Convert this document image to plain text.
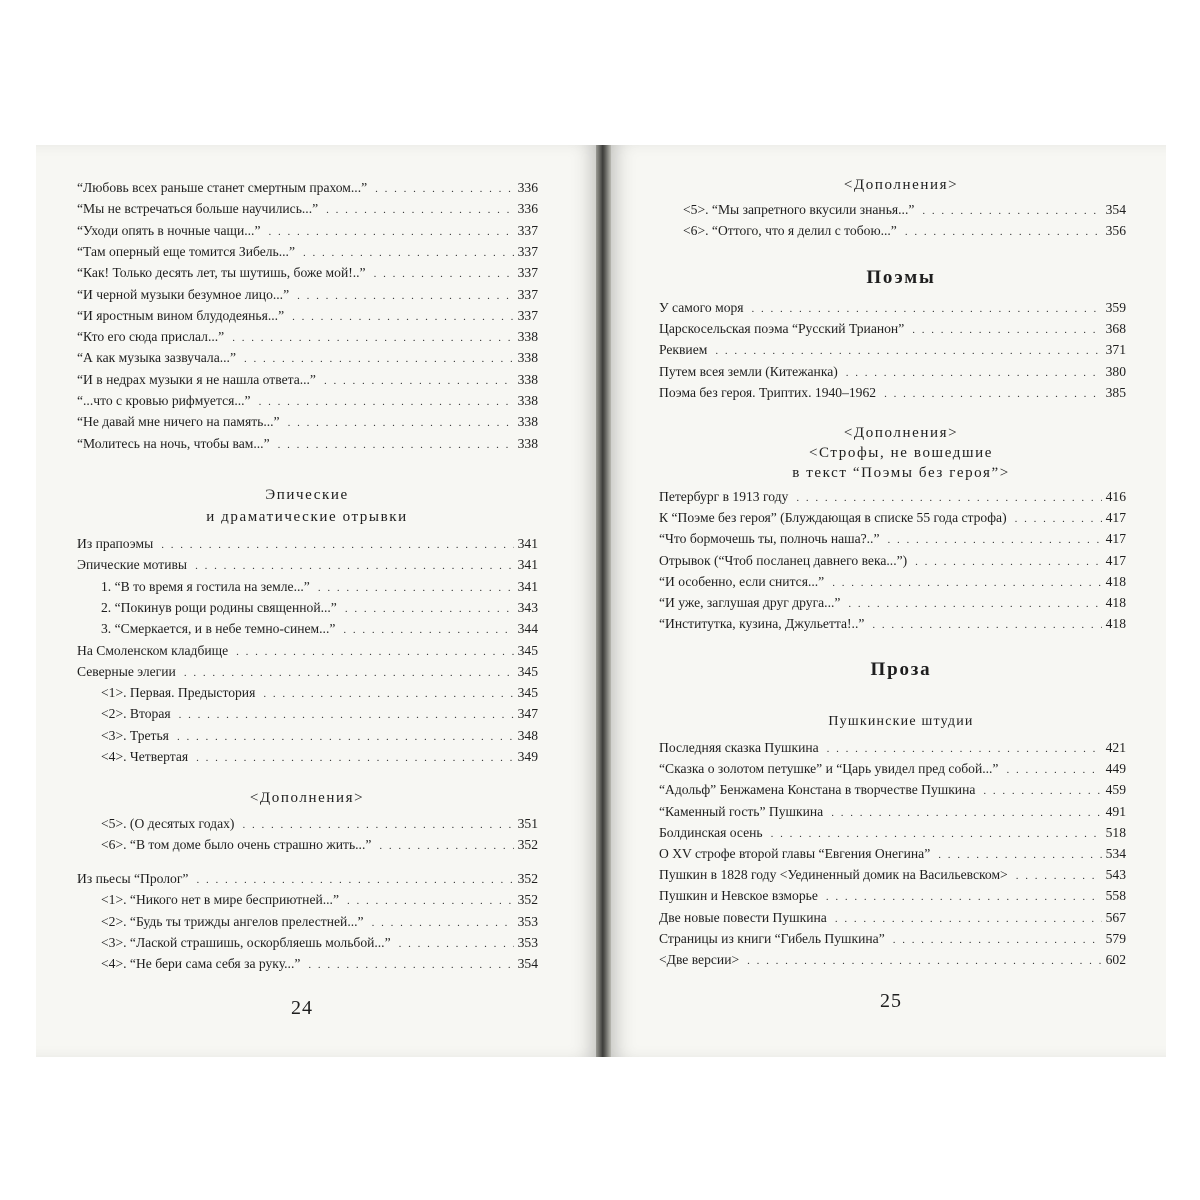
“Любовь всех раньше станет смертным прахом...” . . .	336
“Мы не встречаться больше научились...” . . .	336
“Уходи опять в ночные чащи...” . . .	337
“Там оперный еще томится Зибель...” . . .	337
“Как! Только десять лет, ты шутишь, боже мой!..” . . .	337
“И черной музыки безумное лицо...” . . .	337
“И яростным вином блудодеянья...” . . .	337
“Кто его сюда прислал...” . . .	338
“А как музыка зазвучала...” . . .	338
“И в недрах музыки я не нашла ответа...” . . .	338
“...что с кровью рифмуется...” . . .	338
“Не давай мне ничего на память...” . . .	338
“Молитесь на ночь, чтобы вам...” . . .	338
Эпические
и драматические отрывки
Из прапоэмы . . .	341
Эпические мотивы . . .	341
1. “В то время я гостила на земле...” . . .	341
2. “Покинув рощи родины священной...” . . .	343
3. “Смеркается, и в небе темно-синем...” . . .	344
На Смоленском кладбище . . .	345
Северные элегии . . .	345
<1>. Первая. Предыстория . . .	345
<2>. Вторая . . .	347
<3>. Третья . . .	348
<4>. Четвертая . . .	349
<Дополнения>
<5>. (О десятых годах) . . .	351
<6>. “В том доме было очень страшно жить...” . . .	352
Из пьесы “Пролог” . . .	352
<1>. “Никого нет в мире бесприютней...” . . .	352
<2>. “Будь ты трижды ангелов прелестней...” . . .	353
<3>. “Лаской страшишь, оскорбляешь мольбой...” . . .	353
<4>. “Не бери сама себя за руку...” . . .	354
24
<Дополнения>
<5>. “Мы запретного вкусили знанья...” . . .	354
<6>. “Оттого, что я делил с тобою...” . . .	356
Поэмы
У самого моря . . .	359
Царскосельская поэма “Русский Трианон” . . .	368
Реквием . . .	371
Путем всея земли (Китежанка) . . .	380
Поэма без героя. Триптих. 1940–1962 . . .	385
<Дополнения>
<Строфы, не вошедшие
в текст “Поэмы без героя”>
Петербург в 1913 году . . .	416
К “Поэме без героя” (Блуждающая в списке 55 года строфа) . . .	417
“Что бормочешь ты, полночь наша?..” . . .	417
Отрывок (“Чтоб посланец давнего века...”) . . .	417
“И особенно, если снится...” . . .	418
“И уже, заглушая друг друга...” . . .	418
“Институтка, кузина, Джульетта!..” . . .	418
Проза
Пушкинские штудии
Последняя сказка Пушкина . . .	421
“Сказка о золотом петушке” и “Царь увидел пред собой...” . . .	449
“Адольф” Бенжамена Констана в творчестве Пушкина . . .	459
“Каменный гость” Пушкина . . .	491
Болдинская осень . . .	518
О XV строфе второй главы “Евгения Онегина” . . .	534
Пушкин в 1828 году <Уединенный домик на Васильевском> . . .	543
Пушкин и Невское взморье . . .	558
Две новые повести Пушкина . . .	567
Страницы из книги “Гибель Пушкина” . . .	579
<Две версии> . . .	602
25
